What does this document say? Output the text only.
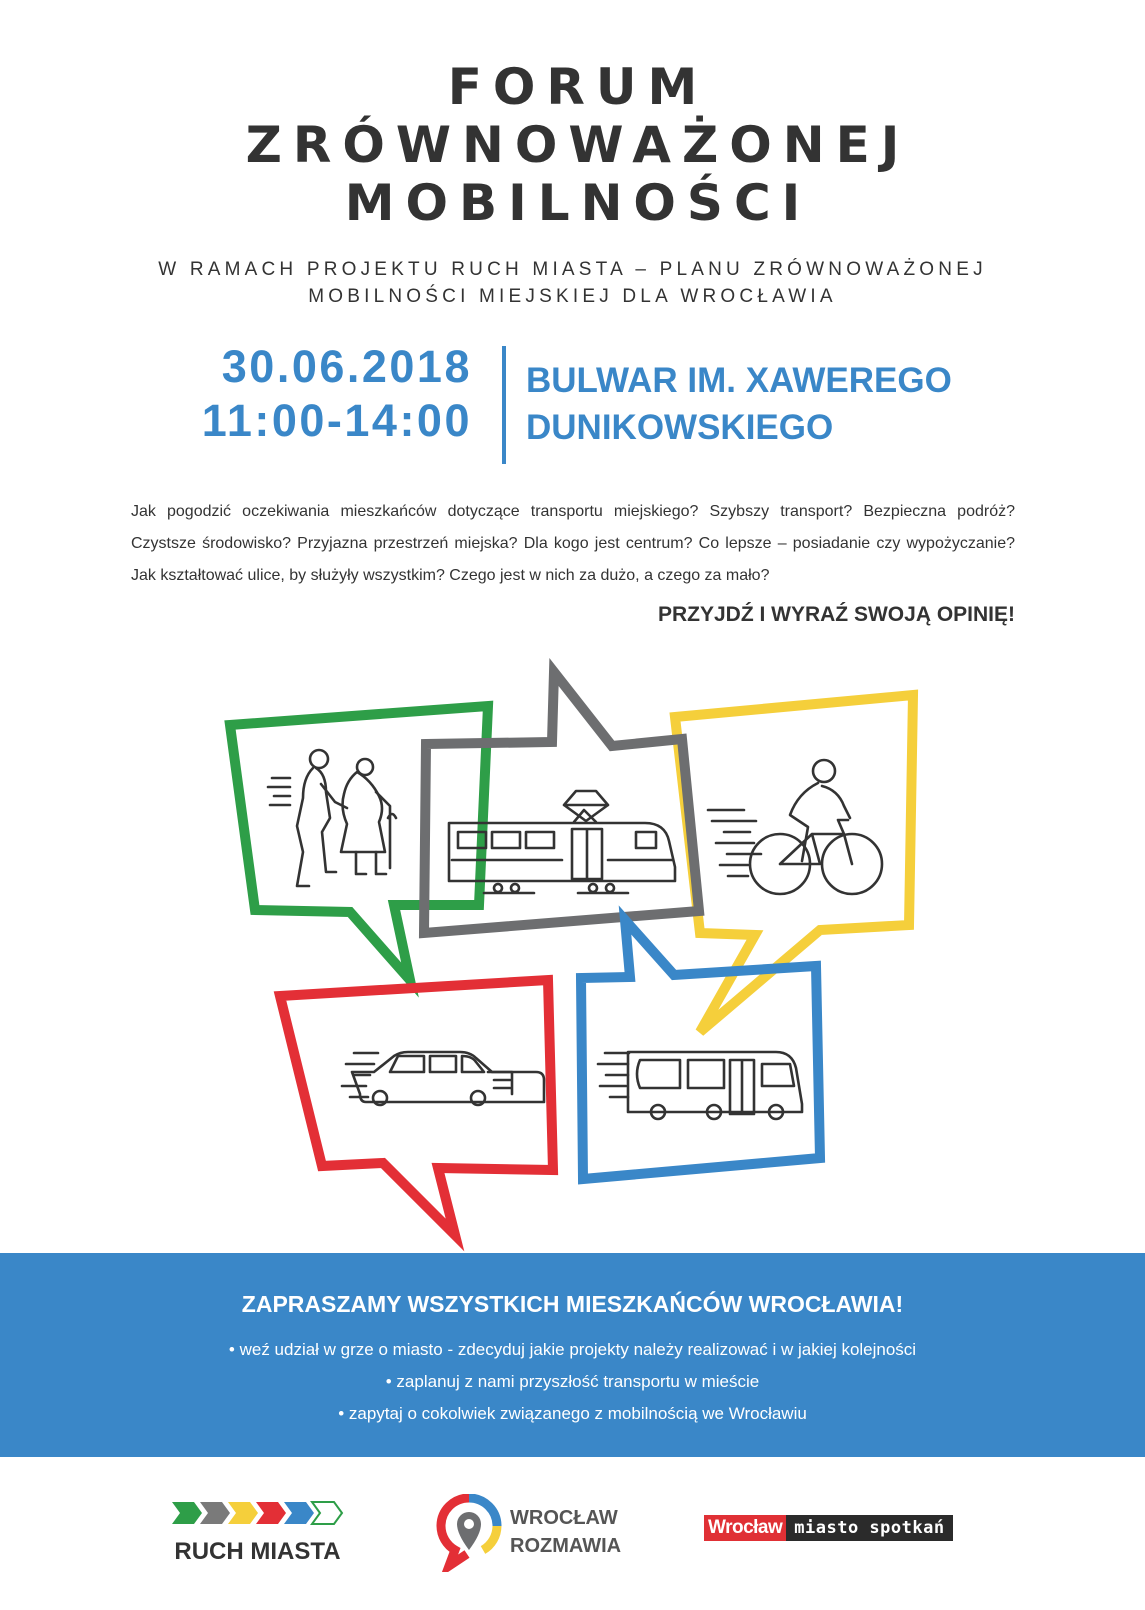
FORUM
ZRÓWNOWAŻONEJ
MOBILNOŚCI
W RAMACH PROJEKTU RUCH MIASTA – PLANU ZRÓWNOWAŻONEJ
MOBILNOŚCI MIEJSKIEJ DLA WROCŁAWIA
30.06.2018
11:00-14:00
BULWAR IM. XAWEREGO
DUNIKOWSKIEGO

Jak pogodzić oczekiwania mieszkańców dotyczące transportu miejskiego? Szybszy transport? Bezpieczna podróż? Czystsze środowisko? Przyjazna przestrzeń miejska? Dla kogo jest centrum? Co lepsze – posiadanie czy wypożyczanie? Jak kształtować ulice, by służyły wszystkim? Czego jest w nich za dużo, a czego za mało?

PRZYJDŹ I WYRAŹ SWOJĄ OPINIĘ!
ZAPRASZAMY WSZYSTKICH MIESZKAŃCÓW WROCŁAWIA!
• weź udział w grze o miasto - zdecyduj jakie projekty należy realizować i w jakiej kolejności
• zaplanuj z nami przyszłość transportu w mieście
• zapytaj o cokolwiek związanego z mobilnością we Wrocławiu
RUCH MIASTA
WROCŁAW
ROZMAWIA
Wrocław miasto spotkań
